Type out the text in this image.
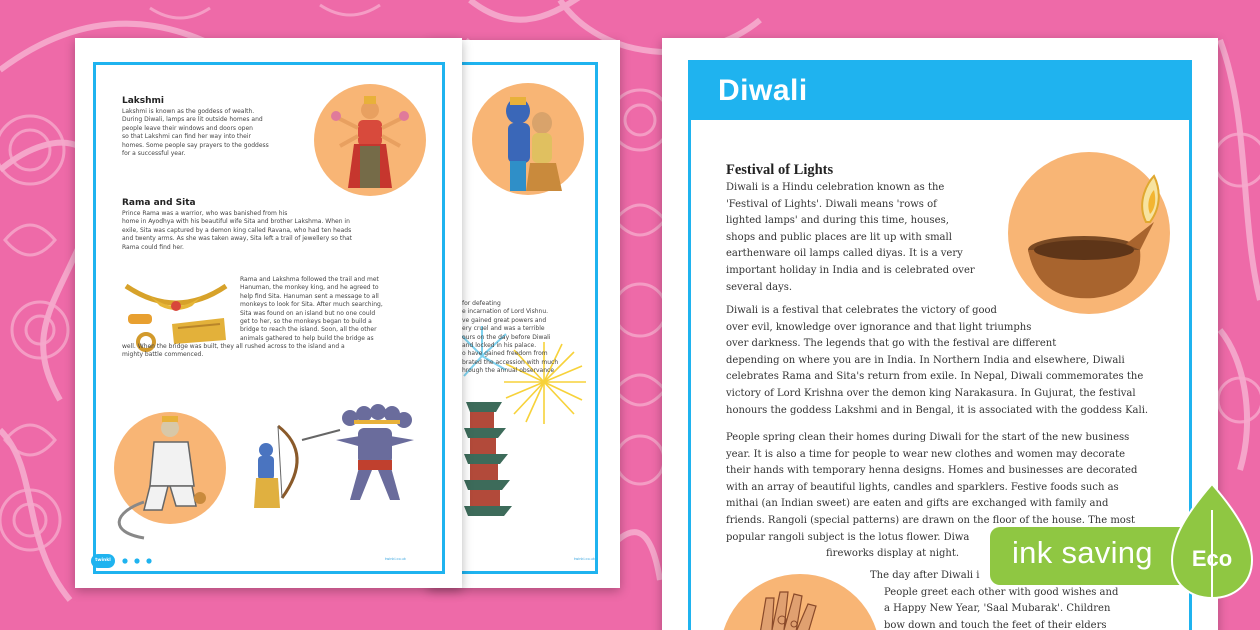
for defeating
e incarnation of Lord Vishnu.
ve gained great powers and
ery cruel and was a terrible
ours on the day before Diwali
and locked in his palace.
o have gained freedom from
brated the accession with much
hrough the annual observance
twinkl.co.uk
twinkl	twinkl.co.uk
Lakshmi
Lakshmi is known as the goddess of wealth.
During Diwali, lamps are lit outside homes and
people leave their windows and doors open
so that Lakshmi can find her way into their
homes. Some people say prayers to the goddess
for a successful year.
Rama and Sita
Prince Rama was a warrior, who was banished from his
home in Ayodhya with his beautiful wife Sita and brother Lakshma. When in
exile, Sita was captured by a demon king called Ravana, who had ten heads
and twenty arms. As she was taken away, Sita left a trail of jewellery so that
Rama could find her.
Rama and Lakshma followed the trail and met
Hanuman, the monkey king, and he agreed to
help find Sita. Hanuman sent a message to all
monkeys to look for Sita. After much searching,
Sita was found on an island but no one could
get to her, so the monkeys began to build a
bridge to reach the island. Soon, all the other
animals gathered to help build the bridge as
well. When the bridge was built, they all rushed across to the island and a
mighty battle commenced.
Diwali
Festival of Lights
Diwali is a Hindu celebration known as the
'Festival of Lights'. Diwali means 'rows of
lighted lamps' and during this time, houses,
shops and public places are lit up with small
earthenware oil lamps called diyas. It is a very
important holiday in India and is celebrated over
several days.
Diwali is a festival that celebrates the victory of good
over evil, knowledge over ignorance and that light triumphs
over darkness. The legends that go with the festival are different
depending on where you are in India. In Northern India and elsewhere, Diwali
celebrates Rama and Sita's return from exile. In Nepal, Diwali commemorates the
victory of Lord Krishna over the demon king Narakasura. In Gujurat, the festival
honours the goddess Lakshmi and in Bengal, it is associated with the goddess Kali.
People spring clean their homes during Diwali for the start of the new business
year. It is also a time for people to wear new clothes and women may decorate
their hands with temporary henna designs. Homes and businesses are decorated
with an array of beautiful lights, candles and sparklers. Festive foods such as
mithai (an Indian sweet) are eaten and gifts are exchanged with family and
friends. Rangoli (special patterns) are drawn on the floor of the house. The most
popular rangoli subject is the lotus flower. Diwa
fireworks display at night.
The day after Diwali i
People greet each other with good wishes and
a Happy New Year, 'Saal Mubarak'. Children
bow down and touch the feet of their elders
ink saving Eco
